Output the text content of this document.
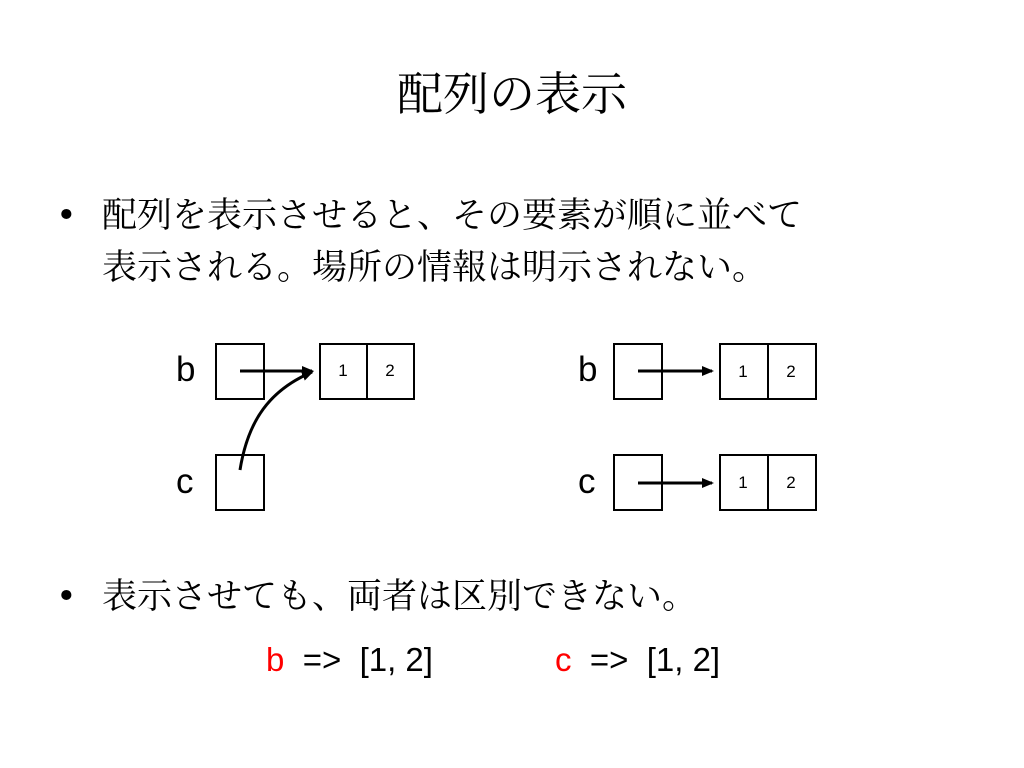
配列の表示
• 配列を表示させると、その要素が順に並べて
表示される。場所の情報は明示されない。
b
c
1	2	b
c
1	2
1	2
• 表示させても、両者は区別できない。
b  =>  [1, 2]	c  =>  [1, 2]
